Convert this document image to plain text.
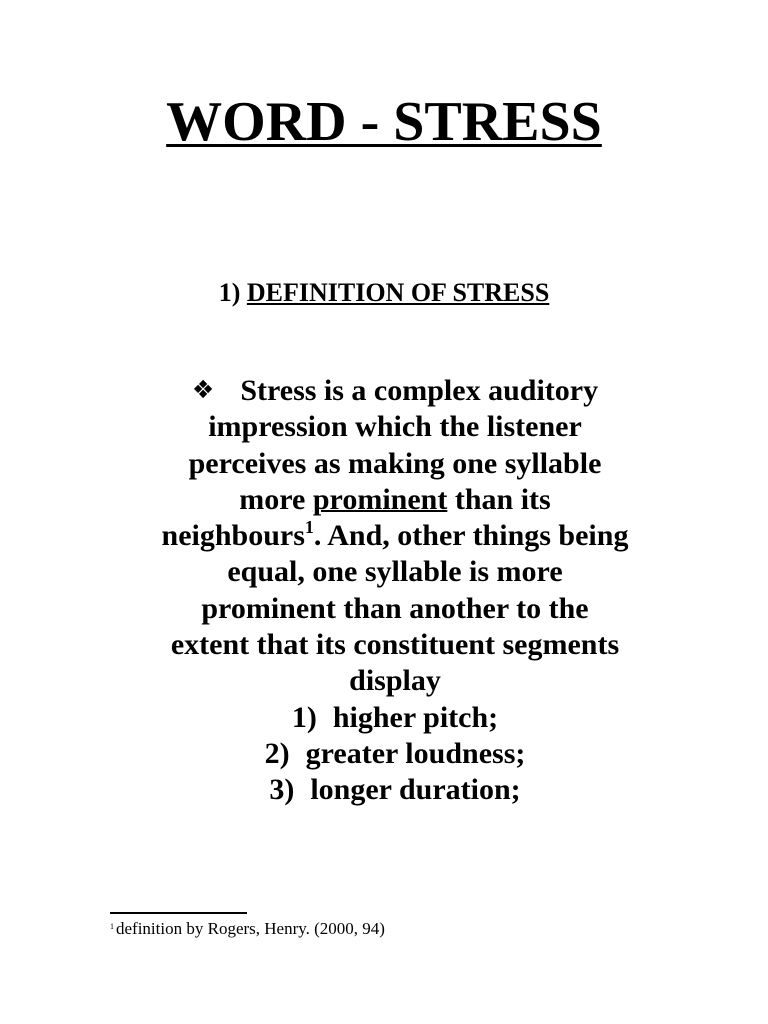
WORD - STRESS
1) DEFINITION OF STRESS
❖ Stress is a complex auditory
impression which the listener
perceives as making one syllable
more prominent than its
neighbours$^1$. And, other things being
equal, one syllable is more
prominent than another to the
extent that its constituent segments
display
1) higher pitch;
2) greater loudness;
3) longer duration;
$^1$ definition by Rogers, Henry. (2000, 94)
